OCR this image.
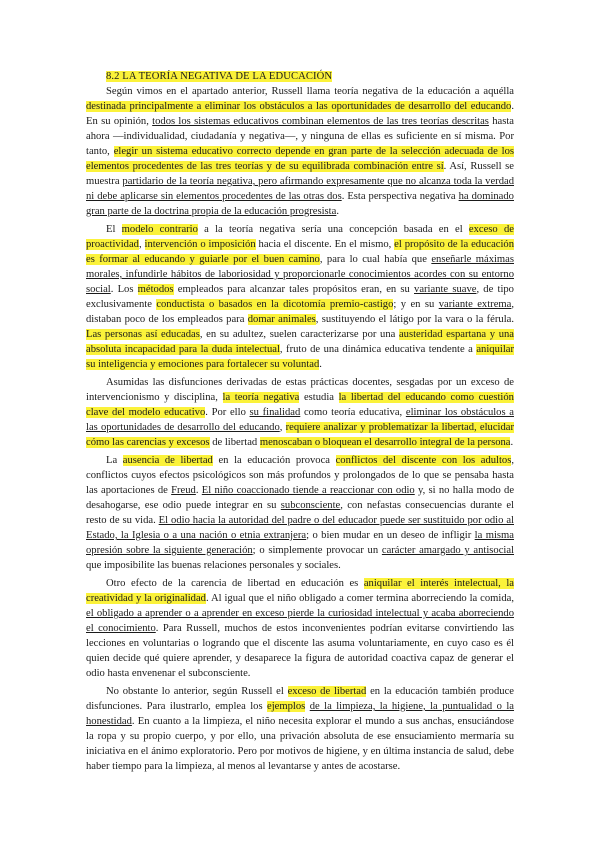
8.2 LA TEORÍA NEGATIVA DE LA EDUCACIÓN

Según vimos en el apartado anterior, Russell llama teoría negativa de la educación a aquélla destinada principalmente a eliminar los obstáculos a las oportunidades de desarrollo del educando. En su opinión, todos los sistemas educativos combinan elementos de las tres teorías descritas hasta ahora —individualidad, ciudadanía y negativa—, y ninguna de ellas es suficiente en sí misma. Por tanto, elegir un sistema educativo correcto depende en gran parte de la selección adecuada de los elementos procedentes de las tres teorías y de su equilibrada combinación entre sí. Así, Russell se muestra partidario de la teoría negativa, pero afirmando expresamente que no alcanza toda la verdad ni debe aplicarse sin elementos procedentes de las otras dos. Esta perspectiva negativa ha dominado gran parte de la doctrina propia de la educación progresista.

El modelo contrario a la teoría negativa sería una concepción basada en el exceso de proactividad, intervención o imposición hacia el discente. En el mismo, el propósito de la educación es formar al educando y guiarle por el buen camino, para lo cual había que enseñarle máximas morales, infundirle hábitos de laboriosidad y proporcionarle conocimientos acordes con su entorno social. Los métodos empleados para alcanzar tales propósitos eran, en su variante suave, de tipo exclusivamente conductista o basados en la dicotomía premio-castigo; y en su variante extrema, distaban poco de los empleados para domar animales, sustituyendo el látigo por la vara o la férula. Las personas así educadas, en su adultez, suelen caracterizarse por una austeridad espartana y una absoluta incapacidad para la duda intelectual, fruto de una dinámica educativa tendente a aniquilar su inteligencia y emociones para fortalecer su voluntad.

Asumidas las disfunciones derivadas de estas prácticas docentes, sesgadas por un exceso de intervencionismo y disciplina, la teoría negativa estudia la libertad del educando como cuestión clave del modelo educativo. Por ello su finalidad como teoría educativa, eliminar los obstáculos a las oportunidades de desarrollo del educando, requiere analizar y problematizar la libertad, elucidar cómo las carencias y excesos de libertad menoscaban o bloquean el desarrollo integral de la persona.

La ausencia de libertad en la educación provoca conflictos del discente con los adultos, conflictos cuyos efectos psicológicos son más profundos y prolongados de lo que se pensaba hasta las aportaciones de Freud. El niño coaccionado tiende a reaccionar con odio y, si no halla modo de desahogarse, ese odio puede integrar en su subconsciente, con nefastas consecuencias durante el resto de su vida. El odio hacia la autoridad del padre o del educador puede ser sustituido por odio al Estado, la Iglesia o a una nación o etnia extranjera; o bien mudar en un deseo de infligir la misma opresión sobre la siguiente generación; o simplemente provocar un carácter amargado y antisocial que imposibilite las buenas relaciones personales y sociales.

Otro efecto de la carencia de libertad en educación es aniquilar el interés intelectual, la creatividad y la originalidad. Al igual que el niño obligado a comer termina aborreciendo la comida, el obligado a aprender o a aprender en exceso pierde la curiosidad intelectual y acaba aborreciendo el conocimiento. Para Russell, muchos de estos inconvenientes podrían evitarse convirtiendo las lecciones en voluntarias o logrando que el discente las asuma voluntariamente, en cuyo caso es él quien decide qué quiere aprender, y desaparece la figura de autoridad coactiva capaz de generar el odio hasta envenenar el subconsciente.

No obstante lo anterior, según Russell el exceso de libertad en la educación también produce disfunciones. Para ilustrarlo, emplea los ejemplos de la limpieza, la higiene, la puntualidad o la honestidad. En cuanto a la limpieza, el niño necesita explorar el mundo a sus anchas, ensuciándose la ropa y su propio cuerpo, y por ello, una privación absoluta de ese ensuciamiento mermaría su iniciativa en el ánimo exploratorio. Pero por motivos de higiene, y en última instancia de salud, debe haber tiempo para la limpieza, al menos al levantarse y antes de acostarse.
